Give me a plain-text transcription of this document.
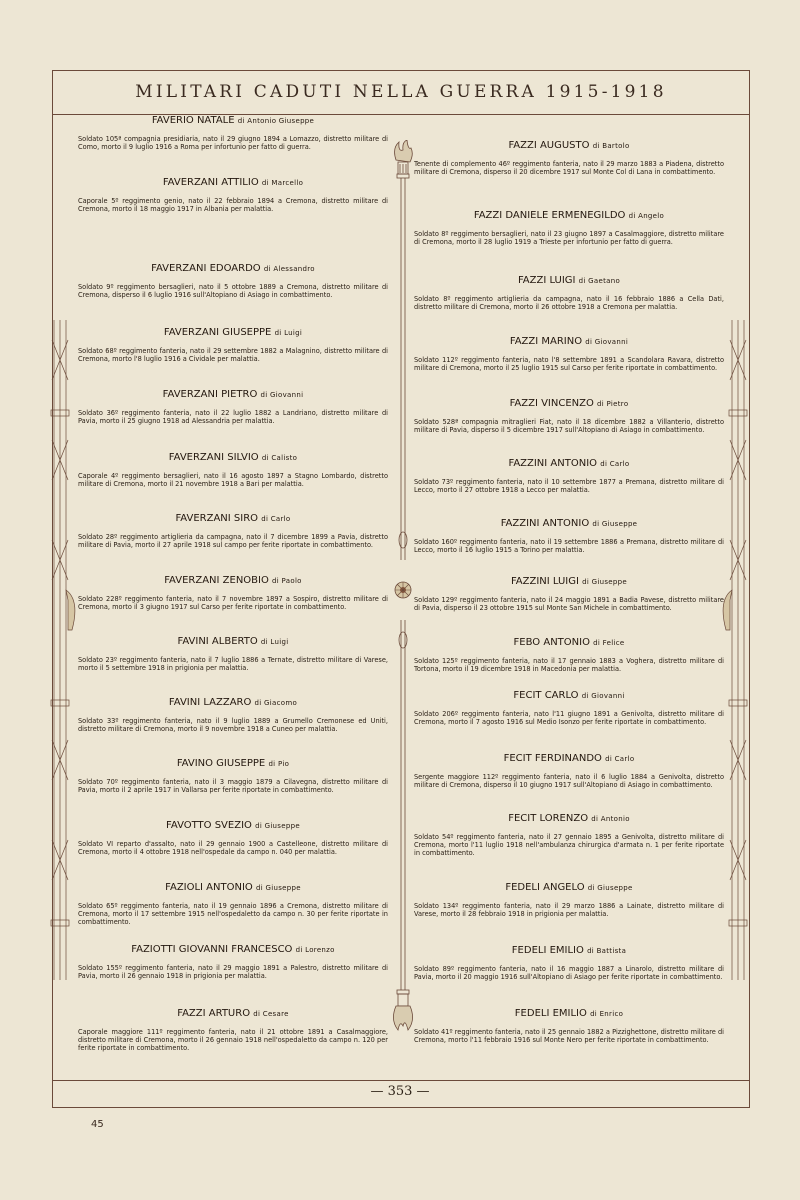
MILITARI CADUTI NELLA GUERRA 1915-1918
FAVERIO NATALE di Antonio Giuseppe
Soldato 105ª compagnia presidiaria, nato il 29 giugno 1894 a Lomazzo, distretto militare di Como, morto il 9 luglio 1916 a Roma per infortunio per fatto di guerra.
FAVERZANI ATTILIO di Marcello
Caporale 5º reggimento genio, nato il 22 febbraio 1894 a Cremona, distretto militare di Cremona, morto il 18 maggio 1917 in Albania per malattia.
FAVERZANI EDOARDO di Alessandro
Soldato 9º reggimento bersaglieri, nato il 5 ottobre 1889 a Cremona, distretto militare di Cremona, disperso il 6 luglio 1916 sull'Altopiano di Asiago in combattimento.
FAVERZANI GIUSEPPE di Luigi
Soldato 68º reggimento fanteria, nato il 29 settembre 1882 a Malagnino, distretto militare di Cremona, morto l'8 luglio 1916 a Cividale per malattia.
FAVERZANI PIETRO di Giovanni
Soldato 36º reggimento fanteria, nato il 22 luglio 1882 a Landriano, distretto militare di Pavia, morto il 25 giugno 1918 ad Alessandria per malattia.
FAVERZANI SILVIO di Calisto
Caporale 4º reggimento bersaglieri, nato il 16 agosto 1897 a Stagno Lombardo, distretto militare di Cremona, morto il 21 novembre 1918 a Bari per malattia.
FAVERZANI SIRO di Carlo
Soldato 28º reggimento artiglieria da campagna, nato il 7 dicembre 1899 a Pavia, distretto militare di Pavia, morto il 27 aprile 1918 sul campo per ferite riportate in combattimento.
FAVERZANI ZENOBIO di Paolo
Soldato 228º reggimento fanteria, nato il 7 novembre 1897 a Sospiro, distretto militare di Cremona, morto il 3 giugno 1917 sul Carso per ferite riportate in combattimento.
FAVINI ALBERTO di Luigi
Soldato 23º reggimento fanteria, nato il 7 luglio 1886 a Ternate, distretto militare di Varese, morto il 5 settembre 1918 in prigionia per malattia.
FAVINI LAZZARO di Giacomo
Soldato 33º reggimento fanteria, nato il 9 luglio 1889 a Grumello Cremonese ed Uniti, distretto militare di Cremona, morto il 9 novembre 1918 a Cuneo per malattia.
FAVINO GIUSEPPE di Pio
Soldato 70º reggimento fanteria, nato il 3 maggio 1879 a Cilavegna, distretto militare di Pavia, morto il 2 aprile 1917 in Vallarsa per ferite riportate in combattimento.
FAVOTTO SVEZIO di Giuseppe
Soldato VI reparto d'assalto, nato il 29 gennaio 1900 a Castelleone, distretto militare di Cremona, morto il 4 ottobre 1918 nell'ospedale da campo n. 040 per malattia.
FAZIOLI ANTONIO di Giuseppe
Soldato 65º reggimento fanteria, nato il 19 gennaio 1896 a Cremona, distretto militare di Cremona, morto il 17 settembre 1915 nell'ospedaletto da campo n. 30 per ferite riportate in combattimento.
FAZIOTTI GIOVANNI FRANCESCO di Lorenzo
Soldato 155º reggimento fanteria, nato il 29 maggio 1891 a Palestro, distretto militare di Pavia, morto il 26 gennaio 1918 in prigionia per malattia.
FAZZI ARTURO di Cesare
Caporale maggiore 111º reggimento fanteria, nato il 21 ottobre 1891 a Casalmaggiore, distretto militare di Cremona, morto il 26 gennaio 1918 nell'ospedaletto da campo n. 120 per ferite riportate in combattimento.
FAZZI AUGUSTO di Bartolo
Tenente di complemento 46º reggimento fanteria, nato il 29 marzo 1883 a Piadena, distretto militare di Cremona, disperso il 20 dicembre 1917 sul Monte Col di Lana in combattimento.
FAZZI DANIELE ERMENEGILDO di Angelo
Soldato 8º reggimento bersaglieri, nato il 23 giugno 1897 a Casalmaggiore, distretto militare di Cremona, morto il 28 luglio 1919 a Trieste per infortunio per fatto di guerra.
FAZZI LUIGI di Gaetano
Soldato 8º reggimento artiglieria da campagna, nato il 16 febbraio 1886 a Cella Dati, distretto militare di Cremona, morto il 26 ottobre 1918 a Cremona per malattia.
FAZZI MARINO di Giovanni
Soldato 112º reggimento fanteria, nato l'8 settembre 1891 a Scandolara Ravara, distretto militare di Cremona, morto il 25 luglio 1915 sul Carso per ferite riportate in combattimento.
FAZZI VINCENZO di Pietro
Soldato 528ª compagnia mitraglieri Fiat, nato il 18 dicembre 1882 a Villanterio, distretto militare di Pavia, disperso il 5 dicembre 1917 sull'Altopiano di Asiago in combattimento.
FAZZINI ANTONIO di Carlo
Soldato 73º reggimento fanteria, nato il 10 settembre 1877 a Premana, distretto militare di Lecco, morto il 27 ottobre 1918 a Lecco per malattia.
FAZZINI ANTONIO di Giuseppe
Soldato 160º reggimento fanteria, nato il 19 settembre 1886 a Premana, distretto militare di Lecco, morto il 16 luglio 1915 a Torino per malattia.
FAZZINI LUIGI di Giuseppe
Soldato 129º reggimento fanteria, nato il 24 maggio 1891 a Badia Pavese, distretto militare di Pavia, disperso il 23 ottobre 1915 sul Monte San Michele in combattimento.
FEBO ANTONIO di Felice
Soldato 125º reggimento fanteria, nato il 17 gennaio 1883 a Voghera, distretto militare di Tortona, morto il 19 dicembre 1918 in Macedonia per malattia.
FECIT CARLO di Giovanni
Soldato 206º reggimento fanteria, nato l'11 giugno 1891 a Genivolta, distretto militare di Cremona, morto il 7 agosto 1916 sul Medio Isonzo per ferite riportate in combattimento.
FECIT FERDINANDO di Carlo
Sergente maggiore 112º reggimento fanteria, nato il 6 luglio 1884 a Genivolta, distretto militare di Cremona, disperso il 10 giugno 1917 sull'Altopiano di Asiago in combattimento.
FECIT LORENZO di Antonio
Soldato 54º reggimento fanteria, nato il 27 gennaio 1895 a Genivolta, distretto militare di Cremona, morto l'11 luglio 1918 nell'ambulanza chirurgica d'armata n. 1 per ferite riportate in combattimento.
FEDELI ANGELO di Giuseppe
Soldato 134º reggimento fanteria, nato il 29 marzo 1886 a Lainate, distretto militare di Varese, morto il 28 febbraio 1918 in prigionia per malattia.
FEDELI EMILIO di Battista
Soldato 89º reggimento fanteria, nato il 16 maggio 1887 a Linarolo, distretto militare di Pavia, morto il 20 maggio 1916 sull'Altopiano di Asiago per ferite riportate in combattimento.
FEDELI EMILIO di Enrico
Soldato 41º reggimento fanteria, nato il 25 gennaio 1882 a Pizzighettone, distretto militare di Cremona, morto l'11 febbraio 1916 sul Monte Nero per ferite riportate in combattimento.
— 353 —
45
